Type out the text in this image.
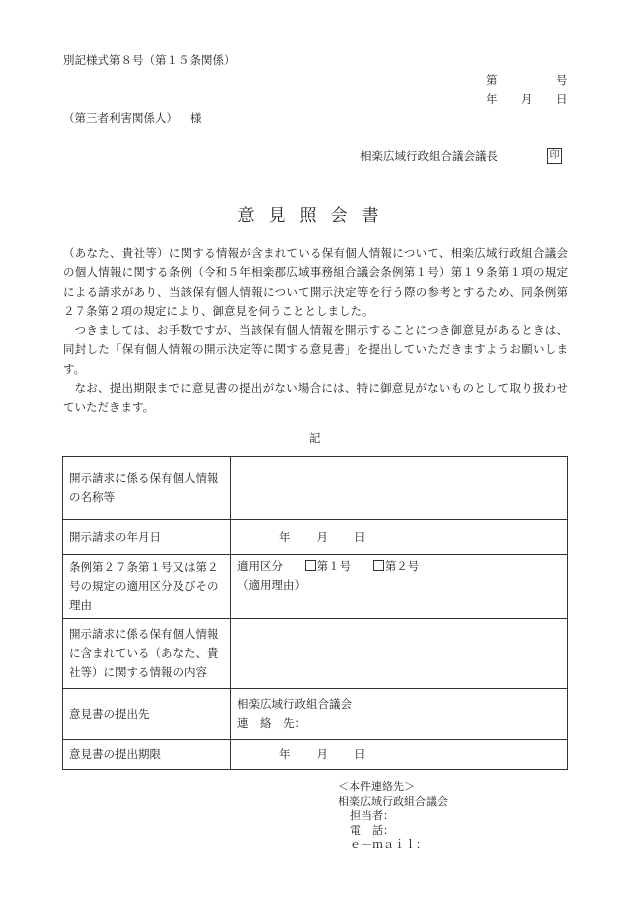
別記様式第８号（第１５条関係）
第	号
年 月 日
（第三者利害関係人） 様
相楽広域行政組合議会議長	印
意見照会書

（あなた、貴社等）に関する情報が含まれている保有個人情報について、相楽広域行政組合議会の個人情報に関する条例（令和５年相楽郡広域事務組合議会条例第１号）第１９条第１項の規定による請求があり、当該保有個人情報について開示決定等を行う際の参考とするため、同条例第２７条第２項の規定により、御意見を伺うこととしました。

つきましては、お手数ですが、当該保有個人情報を開示することにつき御意見があるときは、同封した「保有個人情報の開示決定等に関する意見書」を提出していただきますようお願いします。

なお、提出期限までに意見書の提出がない場合には、特に御意見がないものとして取り扱わせていただきます。

記
開示請求に係る保有個人情報の名称等	
開示請求の年月日	年 月 日
条例第２７条第１号又は第２号の規定の適用区分及びその理由	適用区分 第１号 第２号
（適用理由）

開示請求に係る保有個人情報に含まれている（あなた、貴社等）に関する情報の内容	
意見書の提出先	相楽広域行政組合議会
連　絡　先：

意見書の提出期限	年 月 日
＜本件連絡先＞
相楽広域行政組合議会
担当者：
電　話：
ｅ－ｍａｉｌ：
